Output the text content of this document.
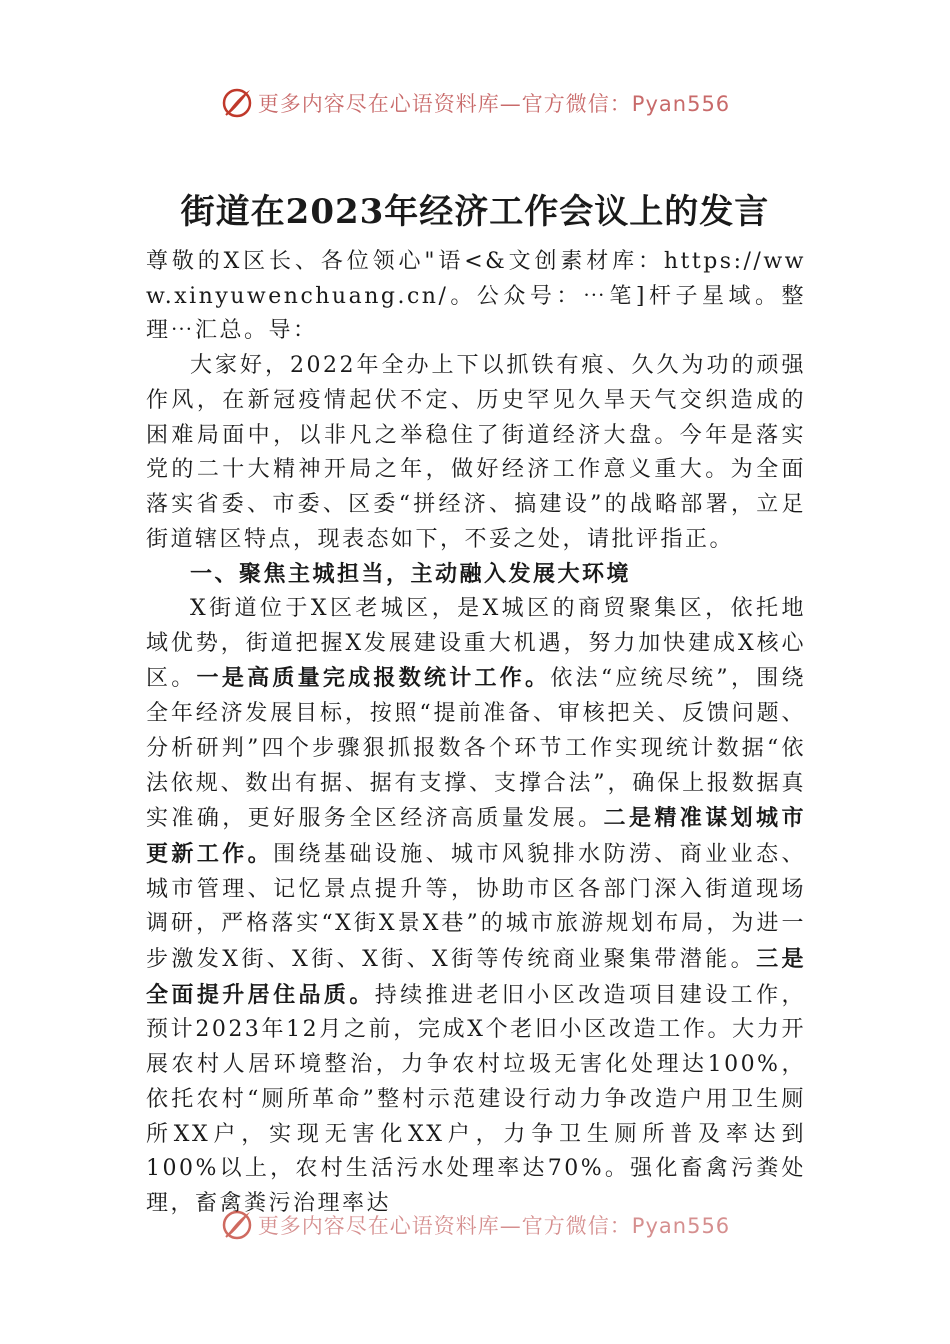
更多内容尽在心语资料库—官方微信：Pyan556
街道在2023年经济工作会议上的发言

尊敬的X区长、各位领心"语<&文创素材库：https://www.xinyuwenchuang.cn/。公众号：⋯笔]杆子星域。整理⋯汇总。导：

大家好，2022年全办上下以抓铁有痕、久久为功的顽强作风，在新冠疫情起伏不定、历史罕见久旱天气交织造成的困难局面中，以非凡之举稳住了街道经济大盘。今年是落实党的二十大精神开局之年，做好经济工作意义重大。为全面落实省委、市委、区委“拼经济、搞建设”的战略部署，立足街道辖区特点，现表态如下，不妥之处，请批评指正。

一、聚焦主城担当，主动融入发展大环境

X街道位于X区老城区，是X城区的商贸聚集区，依托地域优势，街道把握X发展建设重大机遇，努力加快建成X核心区。一是高质量完成报数统计工作。依法“应统尽统”，围绕全年经济发展目标，按照“提前准备、审核把关、反馈问题、分析研判”四个步骤狠抓报数各个环节工作实现统计数据“依法依规、数出有据、据有支撑、支撑合法”，确保上报数据真实准确，更好服务全区经济高质量发展。二是精准谋划城市更新工作。围绕基础设施、城市风貌排水防涝、商业业态、城市管理、记忆景点提升等，协助市区各部门深入街道现场调研，严格落实“X街X景X巷”的城市旅游规划布局，为进一步激发X街、X街、X街、X街等传统商业聚集带潜能。三是全面提升居住品质。持续推进老旧小区改造项目建设工作，预计2023年12月之前，完成X个老旧小区改造工作。大力开展农村人居环境整治，力争农村垃圾无害化处理达100%，依托农村“厕所革命”整村示范建设行动力争改造户用卫生厕所XX户，实现无害化XX户，力争卫生厕所普及率达到100%以上，农村生活污水处理率达70%。强化畜禽污粪处理，畜禽粪污治理率达

更多内容尽在心语资料库—官方微信：Pyan556
